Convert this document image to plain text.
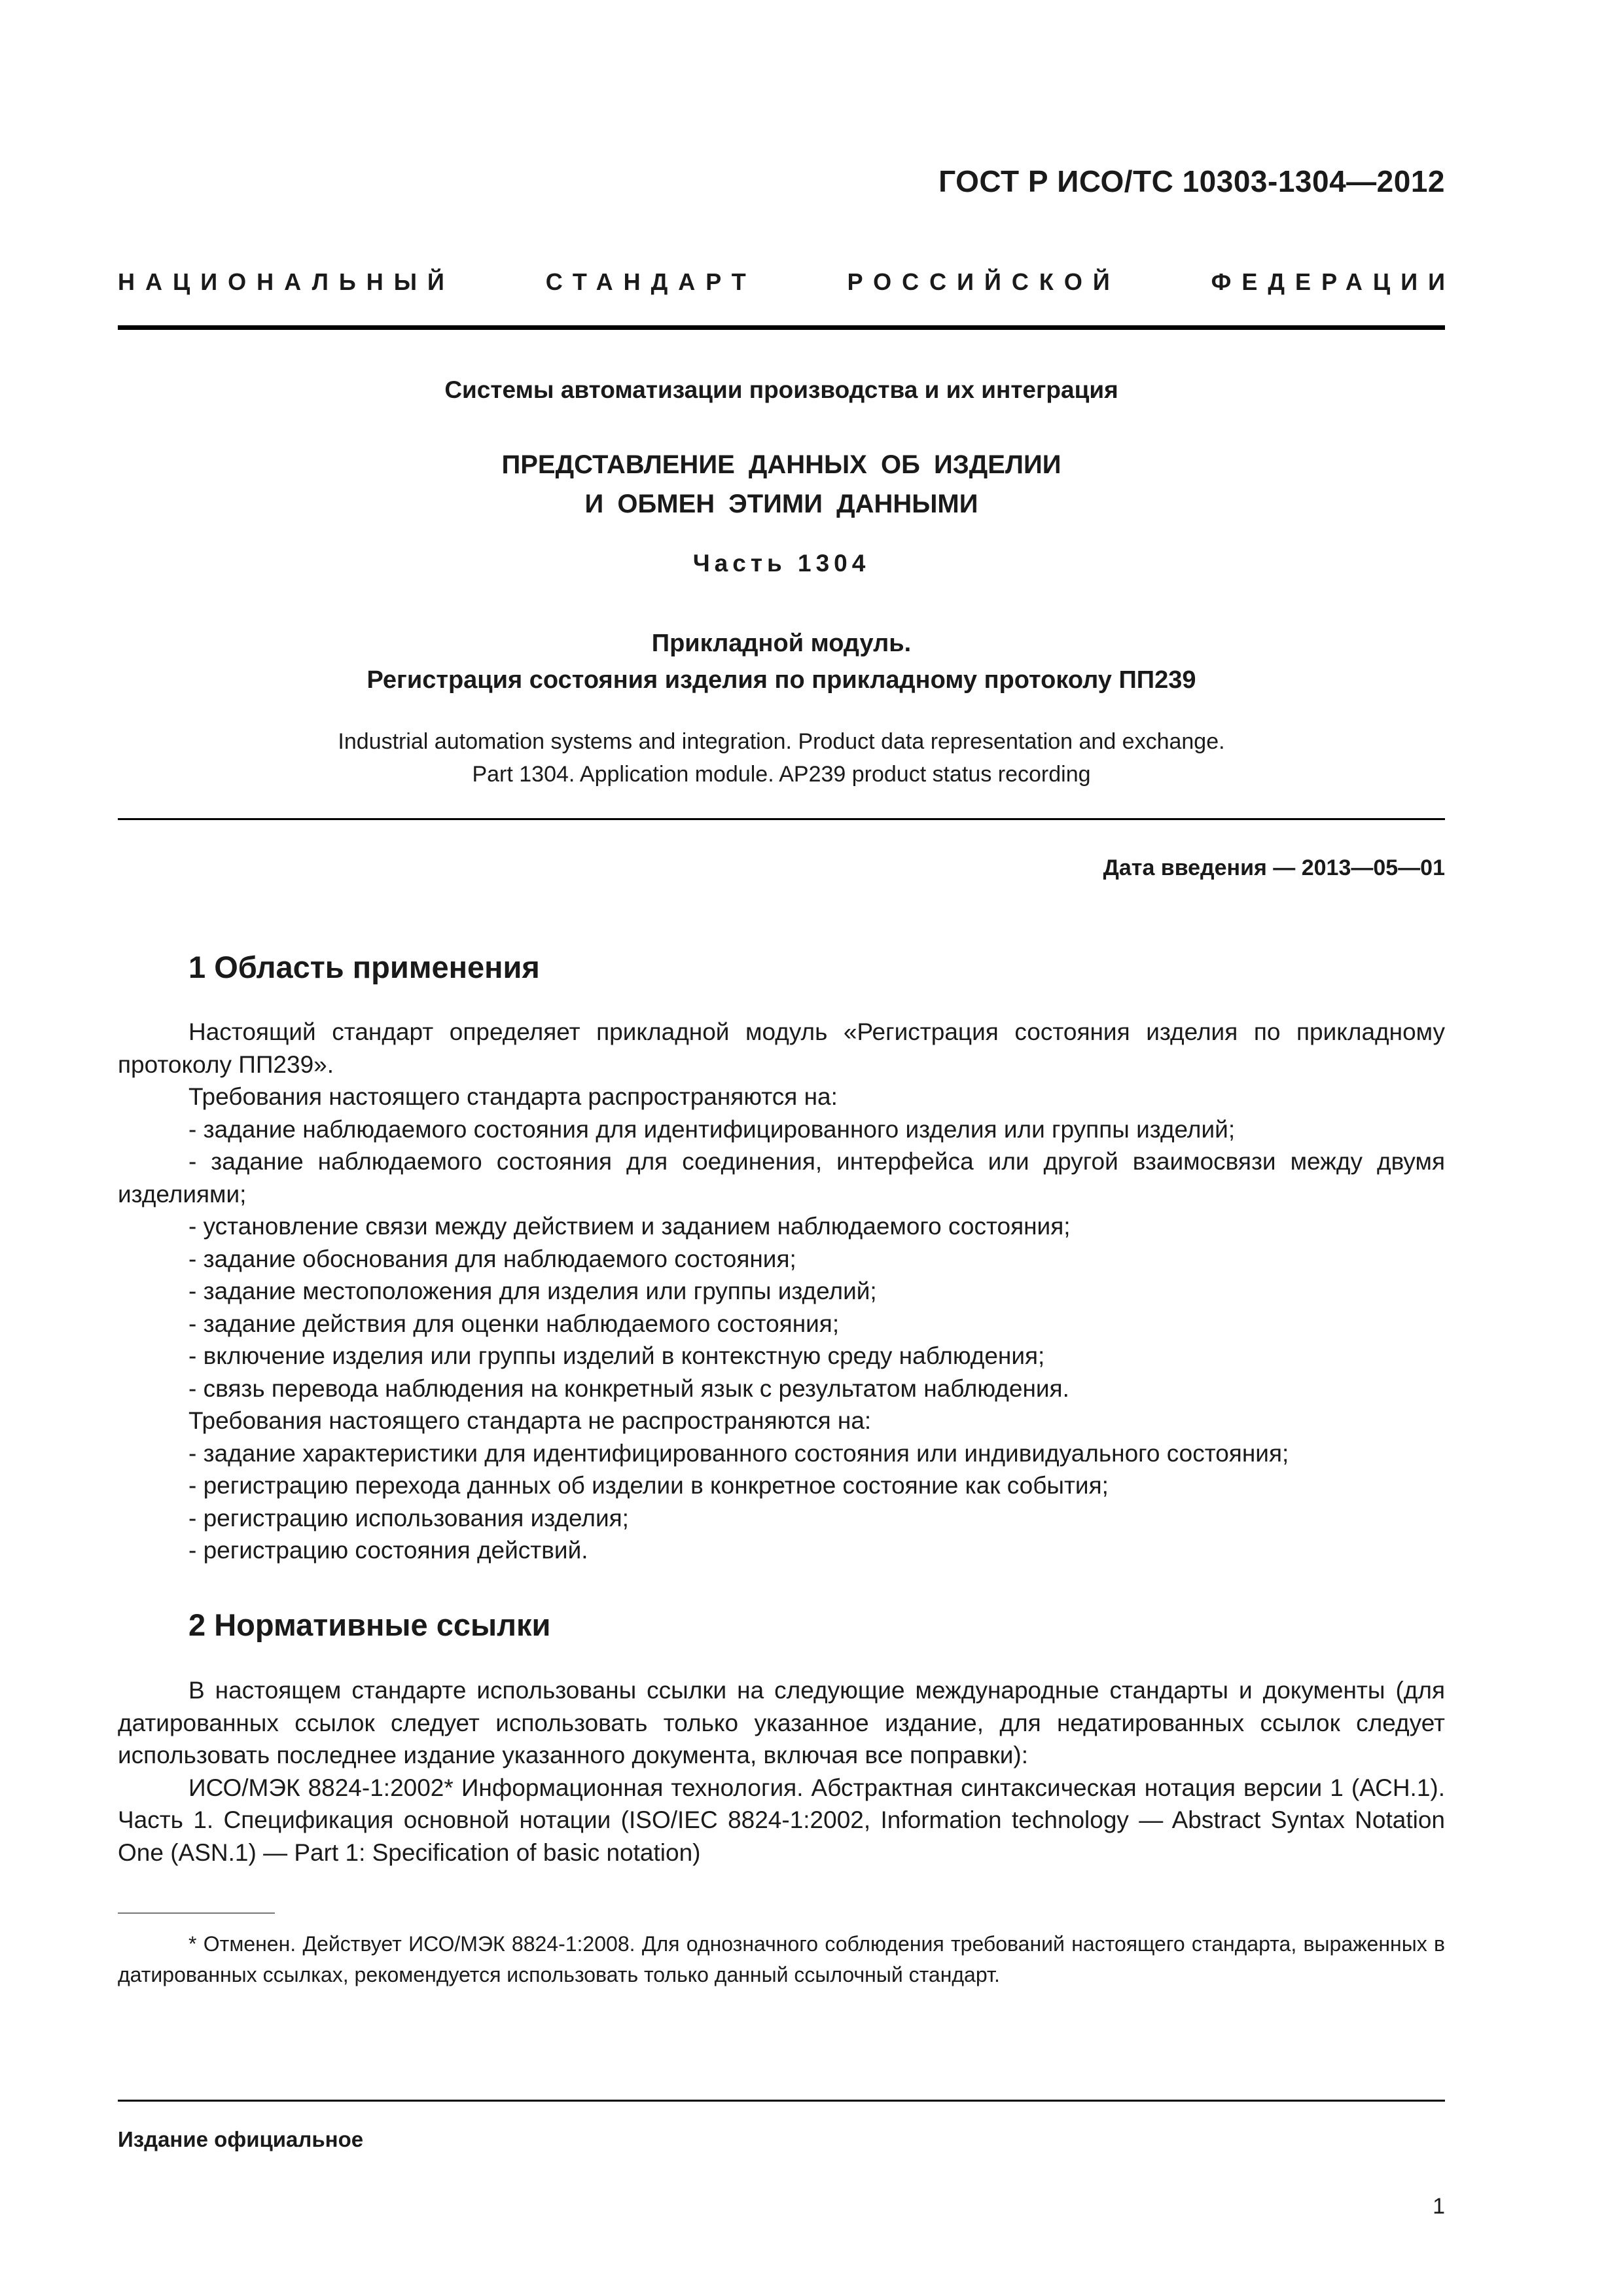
ГОСТ Р ИСО/ТС 10303-1304—2012
НАЦИОНАЛЬНЫЙ	СТАНДАРТ	РОССИЙСКОЙ	ФЕДЕРАЦИИ
Системы автоматизации производства и их интеграция
ПРЕДСТАВЛЕНИЕ ДАННЫХ ОБ ИЗДЕЛИИ
И ОБМЕН ЭТИМИ ДАННЫМИ
Часть 1304
Прикладной модуль.
Регистрация состояния изделия по прикладному протоколу ПП239
Industrial automation systems and integration. Product data representation and exchange.
Part 1304. Application module. AP239 product status recording
Дата введения — 2013—05—01
1 Область применения

Настоящий стандарт определяет прикладной модуль «Регистрация состояния изделия по прикладному протоколу ПП239».

Требования настоящего стандарта распространяются на:

- задание наблюдаемого состояния для идентифицированного изделия или группы изделий;

- задание наблюдаемого состояния для соединения, интерфейса или другой взаимосвязи между двумя изделиями;

- установление связи между действием и заданием наблюдаемого состояния;

- задание обоснования для наблюдаемого состояния;

- задание местоположения для изделия или группы изделий;

- задание действия для оценки наблюдаемого состояния;

- включение изделия или группы изделий в контекстную среду наблюдения;

- связь перевода наблюдения на конкретный язык с результатом наблюдения.

Требования настоящего стандарта не распространяются на:

- задание характеристики для идентифицированного состояния или индивидуального состояния;

- регистрацию перехода данных об изделии в конкретное состояние как события;

- регистрацию использования изделия;

- регистрацию состояния действий.

2 Нормативные ссылки

В настоящем стандарте использованы ссылки на следующие международные стандарты и документы (для датированных ссылок следует использовать только указанное издание, для недатированных ссылок следует использовать последнее издание указанного документа, включая все поправки):

ИСО/МЭК 8824-1:2002* Информационная технология. Абстрактная синтаксическая нотация версии 1 (АСН.1). Часть 1. Спецификация основной нотации (ISO/IEC 8824-1:2002, Information technology — Abstract Syntax Notation One (ASN.1) — Part 1: Specification of basic notation)

* Отменен. Действует ИСО/МЭК 8824-1:2008. Для однозначного соблюдения требований настоящего стандарта, выраженных в датированных ссылках, рекомендуется использовать только данный ссылочный стандарт.

Издание официальное
1
